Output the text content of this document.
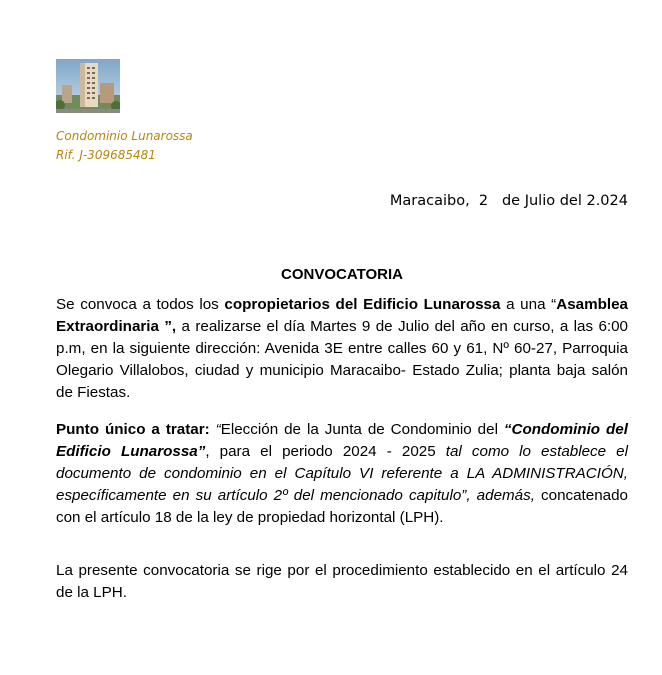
Condominio Lunarossa
Rif. J-309685481
Maracaibo,  2   de Julio del 2.024
CONVOCATORIA
Se convoca a todos los copropietarios del Edificio Lunarossa a una “Asamblea Extraordinaria ”, a realizarse el día Martes 9 de Julio del año en curso, a las 6:00 p.m, en la siguiente dirección: Avenida 3E entre calles 60 y 61, Nº 60-27, Parroquia Olegario Villalobos, ciudad y municipio Maracaibo- Estado Zulia; planta baja salón de Fiestas.
Punto único a tratar: “Elección de la Junta de Condominio del “Condominio del Edificio Lunarossa”, para el periodo 2024 - 2025 tal como lo establece el documento de condominio en el Capítulo VI referente a LA ADMINISTRACIÓN, específicamente en su artículo 2º del mencionado capitulo”, además, concatenado con el artículo 18 de la ley de propiedad horizontal (LPH).
La presente convocatoria se rige por el procedimiento establecido en el artículo 24 de la LPH.
